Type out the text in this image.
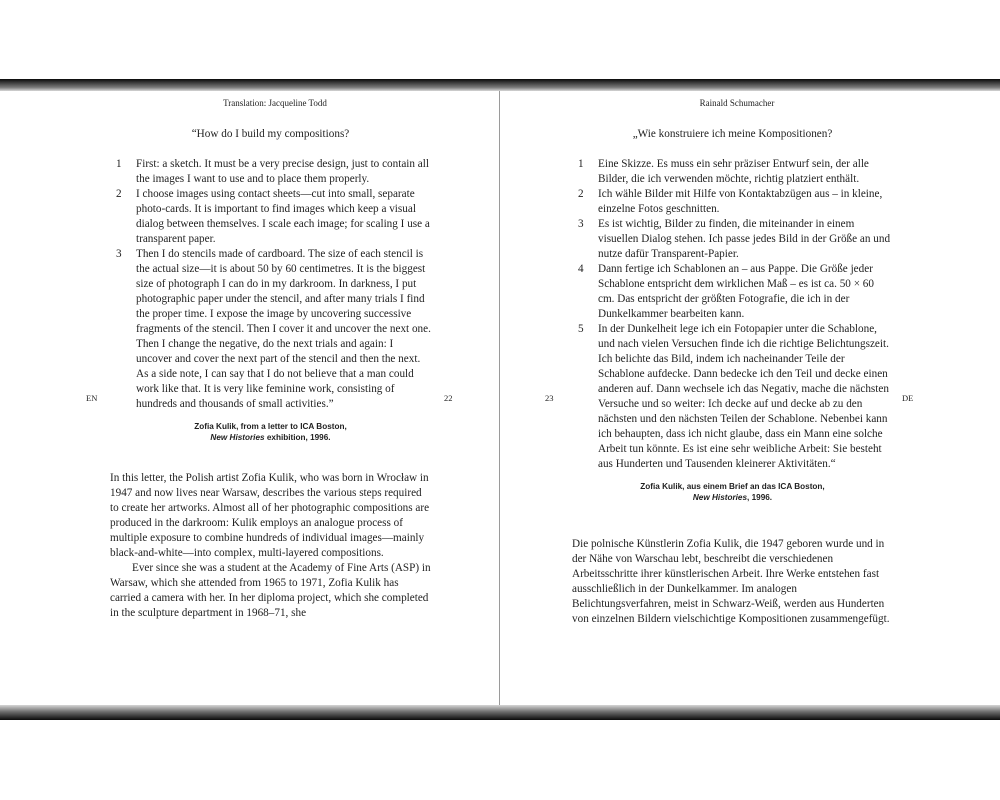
Translation: Jacqueline Todd
EN	22
“How do I build my compositions?
1 First: a sketch. It must be a very precise design, just to contain all the images I want to use and to place them properly.
2 I choose images using contact sheets—cut into small, separate photo-cards. It is important to find images which keep a visual dialog between themselves. I scale each image; for scaling I use a transparent paper.
3 Then I do stencils made of cardboard. The size of each stencil is the actual size—it is about 50 by 60 centimetres. It is the biggest size of photograph I can do in my darkroom. In darkness, I put photographic paper under the stencil, and after many trials I find the proper time. I expose the image by uncovering successive fragments of the stencil. Then I cover it and uncover the next one. Then I change the negative, do the next trials and again: I uncover and cover the next part of the stencil and then the next. As a side note, I can say that I do not believe that a man could work like that. It is very like feminine work, consisting of hundreds and thousands of small activities.”
Zofia Kulik, from a letter to ICA Boston,
New Histories exhibition, 1996.

In this letter, the Polish artist Zofia Kulik, who was born in Wrocław in 1947 and now lives near Warsaw, describes the various steps required to create her artworks. Almost all of her photographic compositions are produced in the darkroom: Kulik employs an analogue process of multiple exposure to combine hundreds of individual images—mainly black-and-white—into complex, multi-layered compositions.

Ever since she was a student at the Academy of Fine Arts (ASP) in Warsaw, which she attended from 1965 to 1971, Zofia Kulik has carried a camera with her. In her diploma project, which she completed in the sculpture department in 1968–71, she

Rainald Schumacher
23	DE
„Wie konstruiere ich meine Kompositionen?
1 Eine Skizze. Es muss ein sehr präziser Entwurf sein, der alle Bilder, die ich verwenden möchte, richtig platziert enthält.
2 Ich wähle Bilder mit Hilfe von Kontaktabzügen aus – in kleine, einzelne Fotos geschnitten.
3 Es ist wichtig, Bilder zu finden, die miteinander in einem visuellen Dialog stehen. Ich passe jedes Bild in der Größe an und nutze dafür Transparent-Papier.
4 Dann fertige ich Schablonen an – aus Pappe. Die Größe jeder Schablone entspricht dem wirklichen Maß – es ist ca. 50 × 60 cm. Das entspricht der größten Fotografie, die ich in der Dunkelkammer bearbeiten kann.
5 In der Dunkelheit lege ich ein Fotopapier unter die Schablone, und nach vielen Versuchen finde ich die richtige Belichtungszeit. Ich belichte das Bild, indem ich nacheinander Teile der Schablone aufdecke. Dann bedecke ich den Teil und decke einen anderen auf. Dann wechsele ich das Negativ, mache die nächsten Versuche und so weiter: Ich decke auf und decke ab zu den nächsten und den nächsten Teilen der Schablone. Nebenbei kann ich behaupten, dass ich nicht glaube, dass ein Mann eine solche Arbeit tun könnte. Es ist eine sehr weibliche Arbeit: Sie besteht aus Hunderten und Tausenden kleinerer Aktivitäten.“
Zofia Kulik, aus einem Brief an das ICA Boston,
New Histories, 1996.

Die polnische Künstlerin Zofia Kulik, die 1947 geboren wurde und in der Nähe von Warschau lebt, beschreibt die verschiedenen Arbeitsschritte ihrer künstlerischen Arbeit. Ihre Werke entstehen fast ausschließlich in der Dunkelkammer. Im analogen Belichtungsverfahren, meist in Schwarz-Weiß, werden aus Hunderten von einzelnen Bildern vielschichtige Kompositionen zusammengefügt.
